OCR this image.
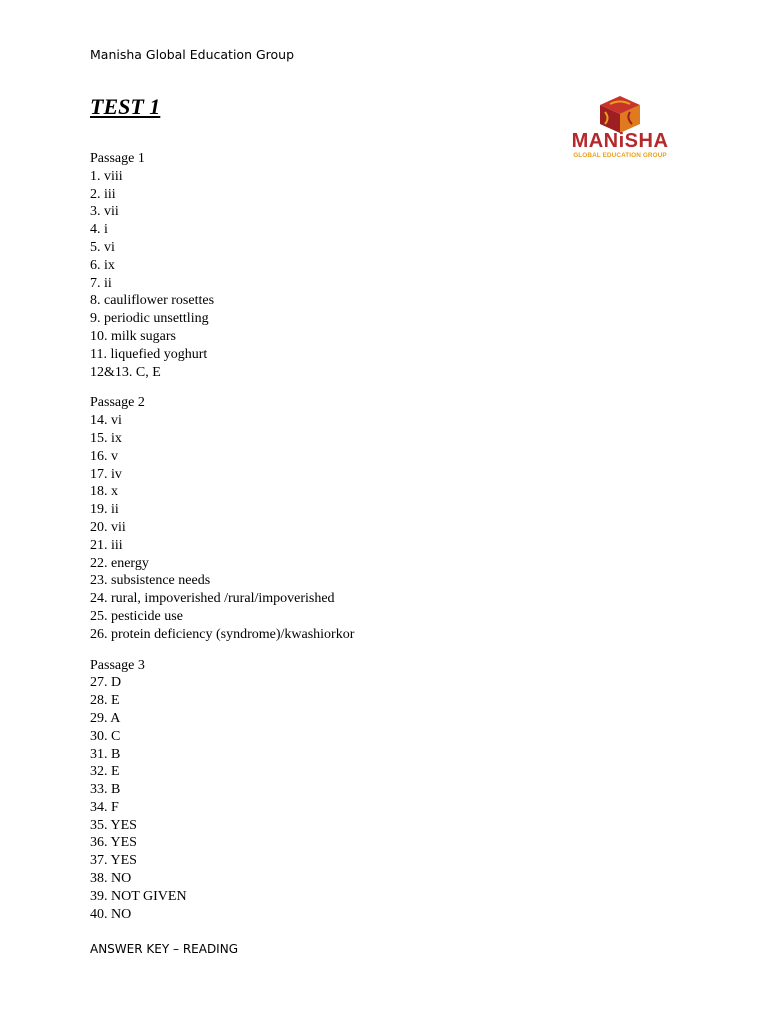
Manisha Global Education Group
TEST 1
MANiSHA
GLOBAL EDUCATION GROUP
Passage 1
1. viii
2. iii
3. vii
4. i
5. vi
6. ix
7. ii
8. cauliflower rosettes
9. periodic unsettling
10. milk sugars
11. liquefied yoghurt
12&13. C, E
Passage 2
14. vi
15. ix
16. v
17. iv
18. x
19. ii
20. vii
21. iii
22. energy
23. subsistence needs
24. rural, impoverished /rural/impoverished
25. pesticide use
26. protein deficiency (syndrome)/kwashiorkor
Passage 3
27. D
28. E
29. A
30. C
31. B
32. E
33. B
34. F
35. YES
36. YES
37. YES
38. NO
39. NOT GIVEN
40. NO
ANSWER KEY – READING
